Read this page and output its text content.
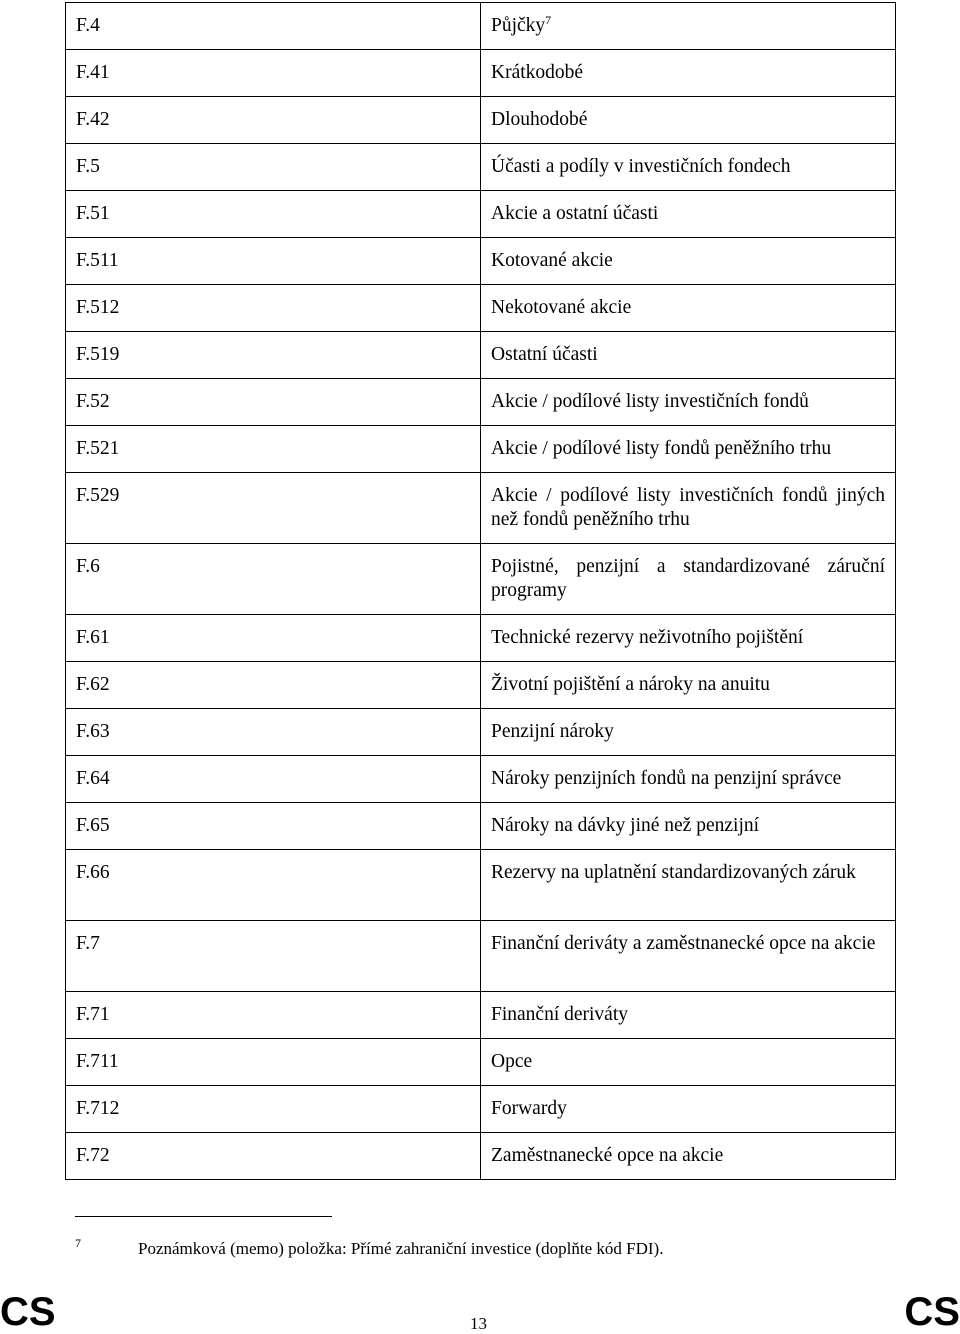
F.4	Půjčky$^7$
F.41	Krátkodobé
F.42	Dlouhodobé
F.5	Účasti a podíly v investičních fondech
F.51	Akcie a ostatní účasti
F.511	Kotované akcie
F.512	Nekotované akcie
F.519	Ostatní účasti
F.52	Akcie / podílové listy investičních fondů
F.521	Akcie / podílové listy fondů peněžního trhu
F.529	Akcie / podílové listy investičních fondů jiných než fondů peněžního trhu
F.6	Pojistné, penzijní a standardizované záruční programy
F.61	Technické rezervy neživotního pojištění
F.62	Životní pojištění a nároky na anuitu
F.63	Penzijní nároky
F.64	Nároky penzijních fondů na penzijní správce
F.65	Nároky na dávky jiné než penzijní
F.66	Rezervy na uplatnění standardizovaných záruk
F.7	Finanční deriváty a zaměstnanecké opce na akcie
F.71	Finanční deriváty
F.711	Opce
F.712	Forwardy
F.72	Zaměstnanecké opce na akcie
7	Poznámková (memo) položka: Přímé zahraniční investice (doplňte kód FDI).
CS	13	CS
